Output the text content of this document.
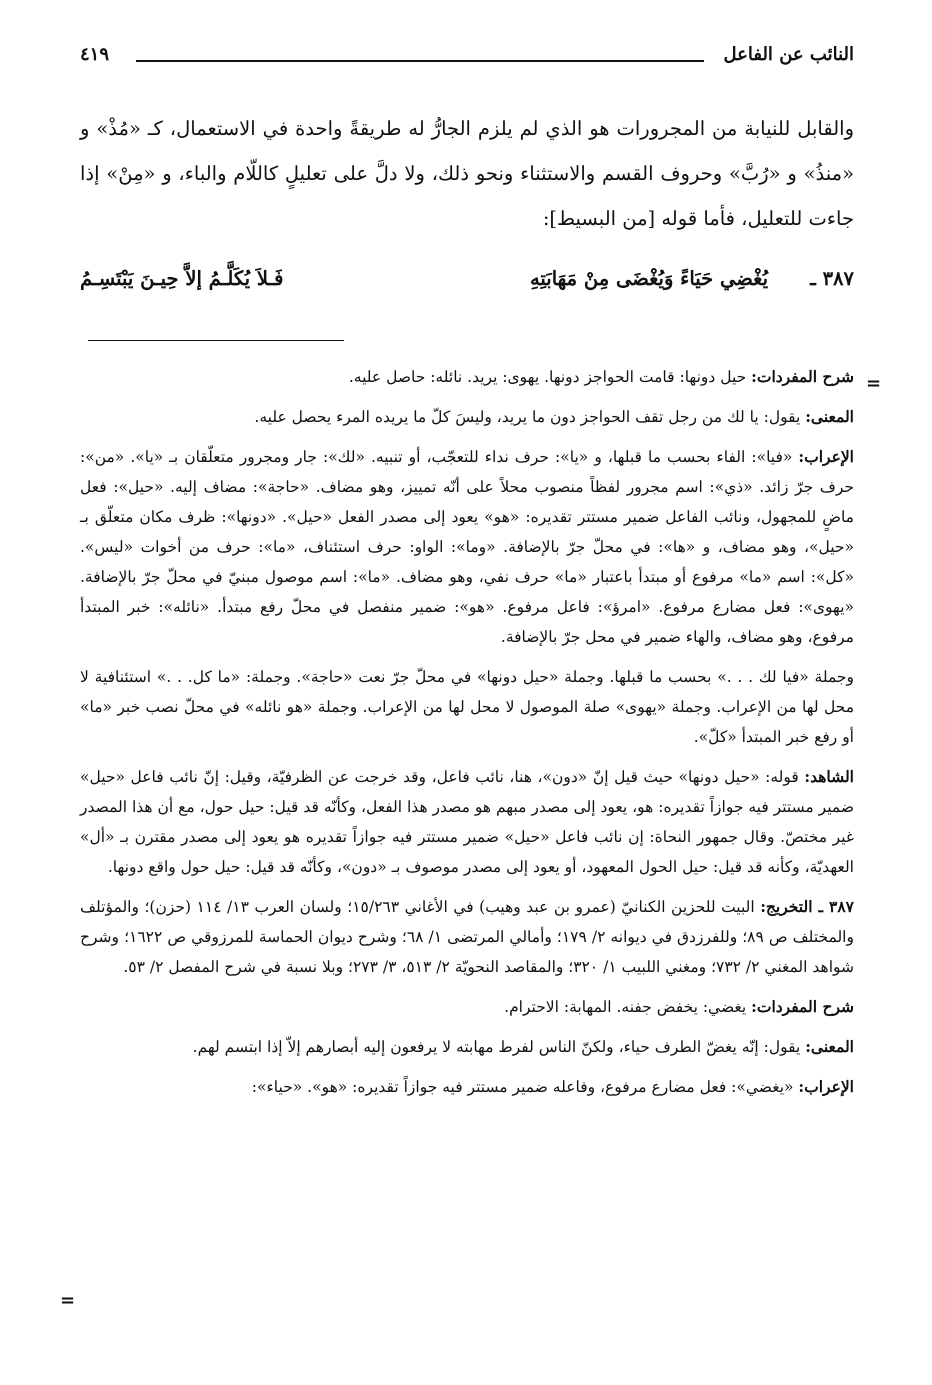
النائب عن الفاعل
٤١٩

والقابل للنيابة من المجرورات هو الذي لم يلزم الجارُّ له طريقةً واحدة في الاستعمال، كـ «مُذْ» و «منذُ» و «رُبَّ» وحروف القسم والاستثناء ونحو ذلك، ولا دلَّ على تعليلٍ كاللّام والباء، و «مِنْ» إذا جاءت للتعليل، فأما قوله [من البسيط]:

٣٨٧ ـ
يُغْضِي حَيَاءً وَيُغْضَى مِنْ مَهَابَتِهِ
فَـلاَ يُكَلَّـمُ إلاَّ حِيـنَ يَبْتَسِـمُ
=

شرح المفردات: حيل دونها: قامت الحواجز دونها. يهوى: يريد. نائله: حاصل عليه.

المعنى: يقول: يا لك من رجل تقف الحواجز دون ما يريد، وليسَ كلّ ما يريده المرء يحصل عليه.

الإعراب: «فيا»: الفاء بحسب ما قبلها، و «يا»: حرف نداء للتعجّب، أو تنبيه. «لك»: جار ومجرور متعلّقان بـ «يا». «من»: حرف جرّ زائد. «ذي»: اسم مجرور لفظاً منصوب محلاً على أنّه تمييز، وهو مضاف. «حاجة»: مضاف إليه. «حيل»: فعل ماضٍ للمجهول، ونائب الفاعل ضمير مستتر تقديره: «هو» يعود إلى مصدر الفعل «حيل». «دونها»: ظرف مكان متعلّق بـ «حيل»، وهو مضاف، و «ها»: في محلّ جرّ بالإضافة. «وما»: الواو: حرف استئناف، «ما»: حرف من أخوات «ليس». «كل»: اسم «ما» مرفوع أو مبتدأ باعتبار «ما» حرف نفي، وهو مضاف. «ما»: اسم موصول مبنيّ في محلّ جرّ بالإضافة. «يهوى»: فعل مضارع مرفوع. «امرؤ»: فاعل مرفوع. «هو»: ضمير منفصل في محلّ رفع مبتدأ. «نائله»: خبر المبتدأ مرفوع، وهو مضاف، والهاء ضمير في محل جرّ بالإضافة.

وجملة «فيا لك . . .» بحسب ما قبلها. وجملة «حيل دونها» في محلّ جرّ نعت «حاجة». وجملة: «ما كل. . .» استئنافية لا محل لها من الإعراب. وجملة «يهوى» صلة الموصول لا محل لها من الإعراب. وجملة «هو نائله» في محلّ نصب خبر «ما» أو رفع خبر المبتدأ «كلّ».

الشاهد: قوله: «حيل دونها» حيث قيل إنّ «دون»، هنا، نائب فاعل، وقد خرجت عن الظرفيّة، وقيل: إنّ نائب فاعل «حيل» ضمير مستتر فيه جوازاً تقديره: هو، يعود إلى مصدر مبهم هو مصدر هذا الفعل، وكأنّه قد قيل: حيل حول، مع أن هذا المصدر غير مختصّ. وقال جمهور النحاة: إن نائب فاعل «حيل» ضمير مستتر فيه جوازاً تقديره هو يعود إلى مصدر مقترن بـ «أل» العهديّة، وكأنه قد قيل: حيل الحول المعهود، أو يعود إلى مصدر موصوف بـ «دون»، وكأنّه قد قيل: حيل حول واقع دونها.

٣٨٧ ـ التخريج: البيت للحزين الكنانيّ (عمرو بن عبد وهيب) في الأغاني ١٥/٢٦٣؛ ولسان العرب ١٣/ ١١٤ (حزن)؛ والمؤتلف والمختلف ص ٨٩؛ وللفرزدق في ديوانه ٢/ ١٧٩؛ وأمالي المرتضى ١/ ٦٨؛ وشرح ديوان الحماسة للمرزوقي ص ١٦٢٢؛ وشرح شواهد المغني ٢/ ٧٣٢؛ ومغني اللبيب ١/ ٣٢٠؛ والمقاصد النحويّة ٢/ ٥١٣، ٣/ ٢٧٣؛ وبلا نسبة في شرح المفصل ٢/ ٥٣.

شرح المفردات: يغضي: يخفض جفنه. المهابة: الاحترام.

المعنى: يقول: إنّه يغضّ الطرف حياء، ولكنّ الناس لفرط مهابته لا يرفعون إليه أبصارهم إلاّ إذا ابتسم لهم.

الإعراب: «يغضي»: فعل مضارع مرفوع، وفاعله ضمير مستتر فيه جوازاً تقديره: «هو». «حياء»:

=
